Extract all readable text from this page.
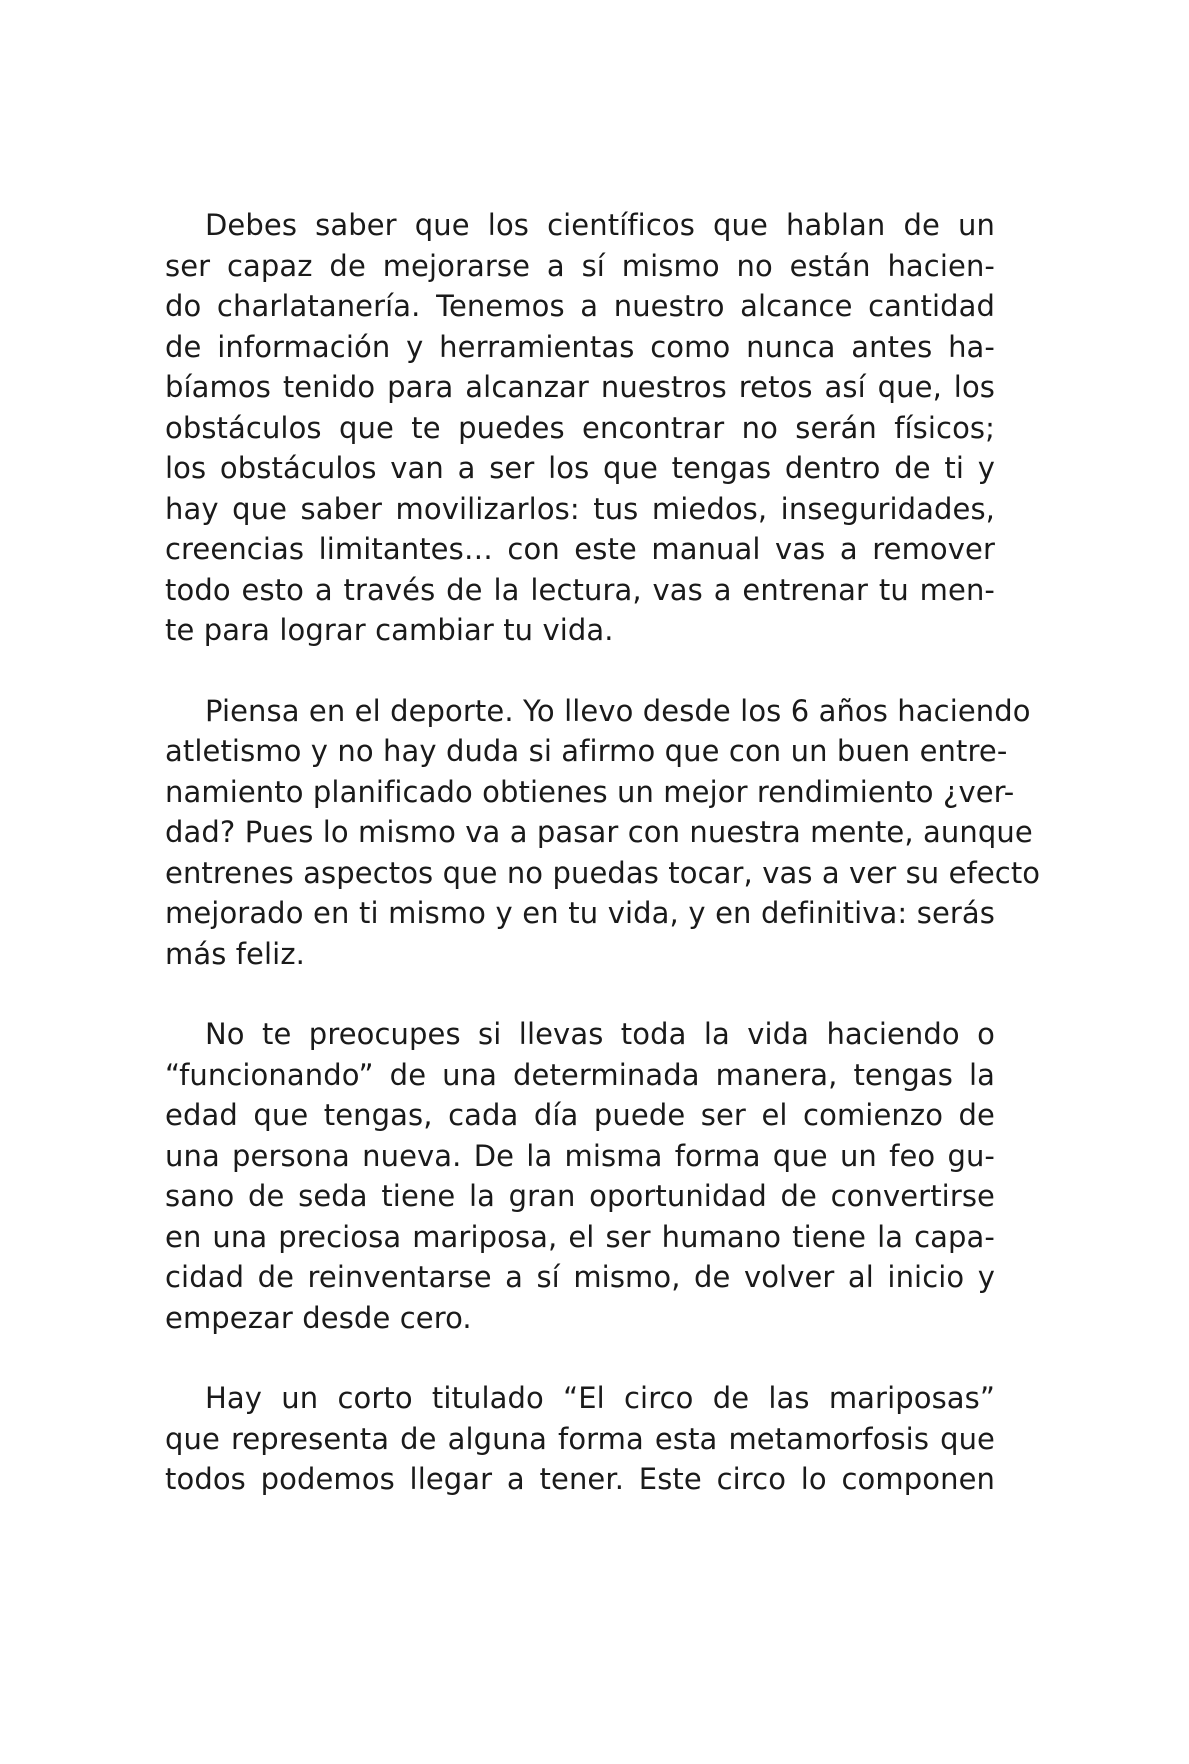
Debes saber que los científicos que hablan de un
ser capaz de mejorarse a sí mismo no están hacien-
do charlatanería. Tenemos a nuestro alcance cantidad
de información y herramientas como nunca antes ha-
bíamos tenido para alcanzar nuestros retos así que, los
obstáculos que te puedes encontrar no serán físicos;
los obstáculos van a ser los que tengas dentro de ti y
hay que saber movilizarlos: tus miedos, inseguridades,
creencias limitantes… con este manual vas a remover
todo esto a través de la lectura, vas a entrenar tu men-
te para lograr cambiar tu vida.
Piensa en el deporte. Yo llevo desde los 6 años haciendo
atletismo y no hay duda si afirmo que con un buen entre-
namiento planificado obtienes un mejor rendimiento ¿ver-
dad? Pues lo mismo va a pasar con nuestra mente, aunque
entrenes aspectos que no puedas tocar, vas a ver su efecto
mejorado en ti mismo y en tu vida, y en definitiva: serás
más feliz.
No te preocupes si llevas toda la vida haciendo o
“funcionando” de una determinada manera, tengas la
edad que tengas, cada día puede ser el comienzo de
una persona nueva. De la misma forma que un feo gu-
sano de seda tiene la gran oportunidad de convertirse
en una preciosa mariposa, el ser humano tiene la capa-
cidad de reinventarse a sí mismo, de volver al inicio y
empezar desde cero.
Hay un corto titulado “El circo de las mariposas”
que representa de alguna forma esta metamorfosis que
todos podemos llegar a tener. Este circo lo componen
